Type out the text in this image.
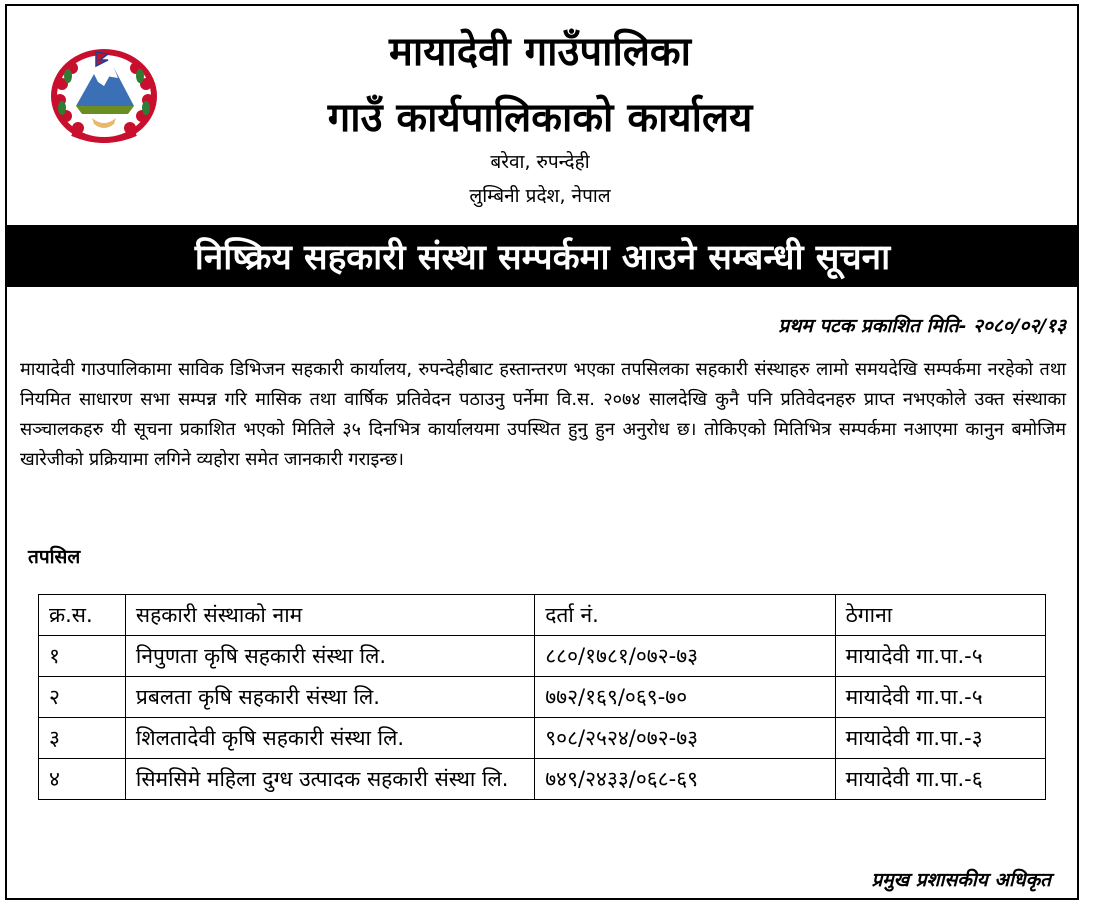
मायादेवी गाउँपालिका
गाउँ कार्यपालिकाको कार्यालय
बरेवा, रुपन्देही
लुम्बिनी प्रदेश, नेपाल
निष्क्रिय सहकारी संस्था सम्पर्कमा आउने सम्बन्धी सूचना
प्रथम पटक प्रकाशित मिति- २०८०/०२/१३
मायादेवी गाउपालिकामा साविक डिभिजन सहकारी कार्यालय, रुपन्देहीबाट हस्तान्तरण भएका तपसिलका सहकारी संस्थाहरु लामो समयदेखि सम्पर्कमा नरहेको तथा नियमित साधारण सभा सम्पन्न गरि मासिक तथा वार्षिक प्रतिवेदन पठाउनु पर्नेमा वि.स. २०७४ सालदेखि कुनै पनि प्रतिवेदनहरु प्राप्त नभएकोले उक्त संस्थाका सञ्चालकहरु यी सूचना प्रकाशित भएको मितिले ३५ दिनभित्र कार्यालयमा उपस्थित हुनु हुन अनुरोध छ। तोकिएको मितिभित्र सम्पर्कमा नआएमा कानुन बमोजिम खारेजीको प्रक्रियामा लगिने व्यहोरा समेत जानकारी गराइन्छ।
तपसिल
क्र.स.	सहकारी संस्थाको नाम	दर्ता नं.	ठेगाना
१	निपुणता कृषि सहकारी संस्था लि.	८८०/१७८१/०७२-७३	मायादेवी गा.पा.-५
२	प्रबलता कृषि सहकारी संस्था लि.	७७२/१६९/०६९-७०	मायादेवी गा.पा.-५
३	शिलतादेवी कृषि सहकारी संस्था लि.	९०८/२५२४/०७२-७३	मायादेवी गा.पा.-३
४	सिमसिमे महिला दुग्ध उत्पादक सहकारी संस्था लि.	७४९/२४३३/०६८-६९	मायादेवी गा.पा.-६
प्रमुख प्रशासकीय अधिकृत
